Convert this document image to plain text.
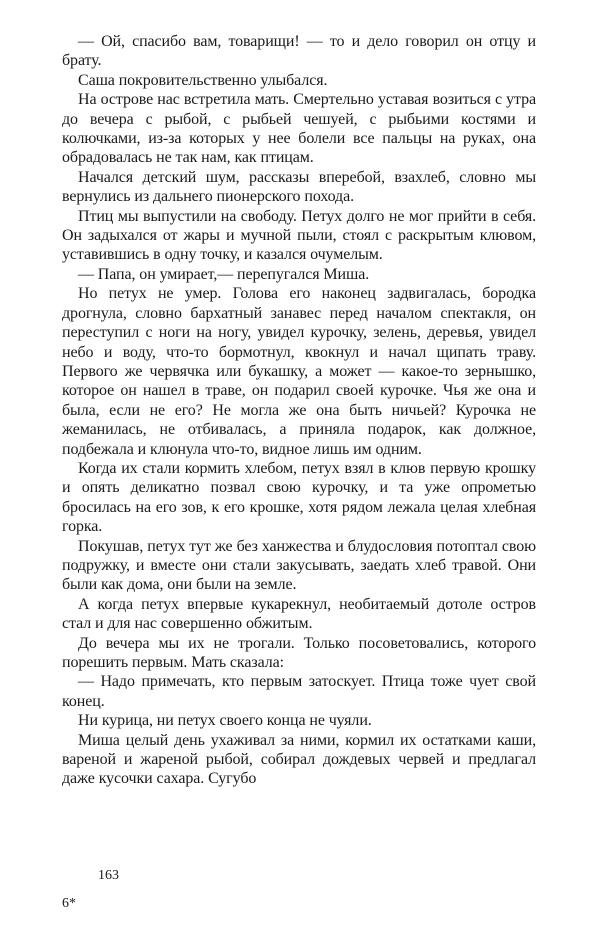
— Ой, спасибо вам, товарищи! — то и дело говорил он отцу и брату.

Саша покровительственно улыбался.

На острове нас встретила мать. Смертельно уставая возиться с утра до вечера с рыбой, с рыбьей чешуей, с рыбьими костями и колючками, из-за которых у нее болели все пальцы на руках, она обрадовалась не так нам, как птицам.

Начался детский шум, рассказы вперебой, взахлеб, словно мы вернулись из дальнего пионерского похода.

Птиц мы выпустили на свободу. Петух долго не мог прийти в себя. Он задыхался от жары и мучной пыли, стоял с раскрытым клювом, уставившись в одну точку, и казался очумелым.

— Папа, он умирает,— перепугался Миша.

Но петух не умер. Голова его наконец задвигалась, бородка дрогнула, словно бархатный занавес перед началом спектакля, он переступил с ноги на ногу, увидел курочку, зелень, деревья, увидел небо и воду, что-то бормотнул, квокнул и начал щипать траву. Первого же червячка или букашку, а может — какое-то зернышко, которое он нашел в траве, он подарил своей курочке. Чья же она и была, если не его? Не могла же она быть ничьей? Курочка не жеманилась, не отбивалась, а приняла подарок, как должное, подбежала и клюнула что-то, видное лишь им одним.

Когда их стали кормить хлебом, петух взял в клюв первую крошку и опять деликатно позвал свою курочку, и та уже опрометью бросилась на его зов, к его крошке, хотя рядом лежала целая хлебная горка.

Покушав, петух тут же без ханжества и блудословия потоптал свою подружку, и вместе они стали закусывать, заедать хлеб травой. Они были как дома, они были на земле.

А когда петух впервые кукарекнул, необитаемый дотоле остров стал и для нас совершенно обжитым.

До вечера мы их не трогали. Только посоветовались, которого порешить первым. Мать сказала:

— Надо примечать, кто первым затоскует. Птица тоже чует свой конец.

Ни курица, ни петух своего конца не чуяли.

Миша целый день ухаживал за ними, кормил их остатками каши, вареной и жареной рыбой, собирал дождевых червей и предлагал даже кусочки сахара. Сугубо

163
6*
